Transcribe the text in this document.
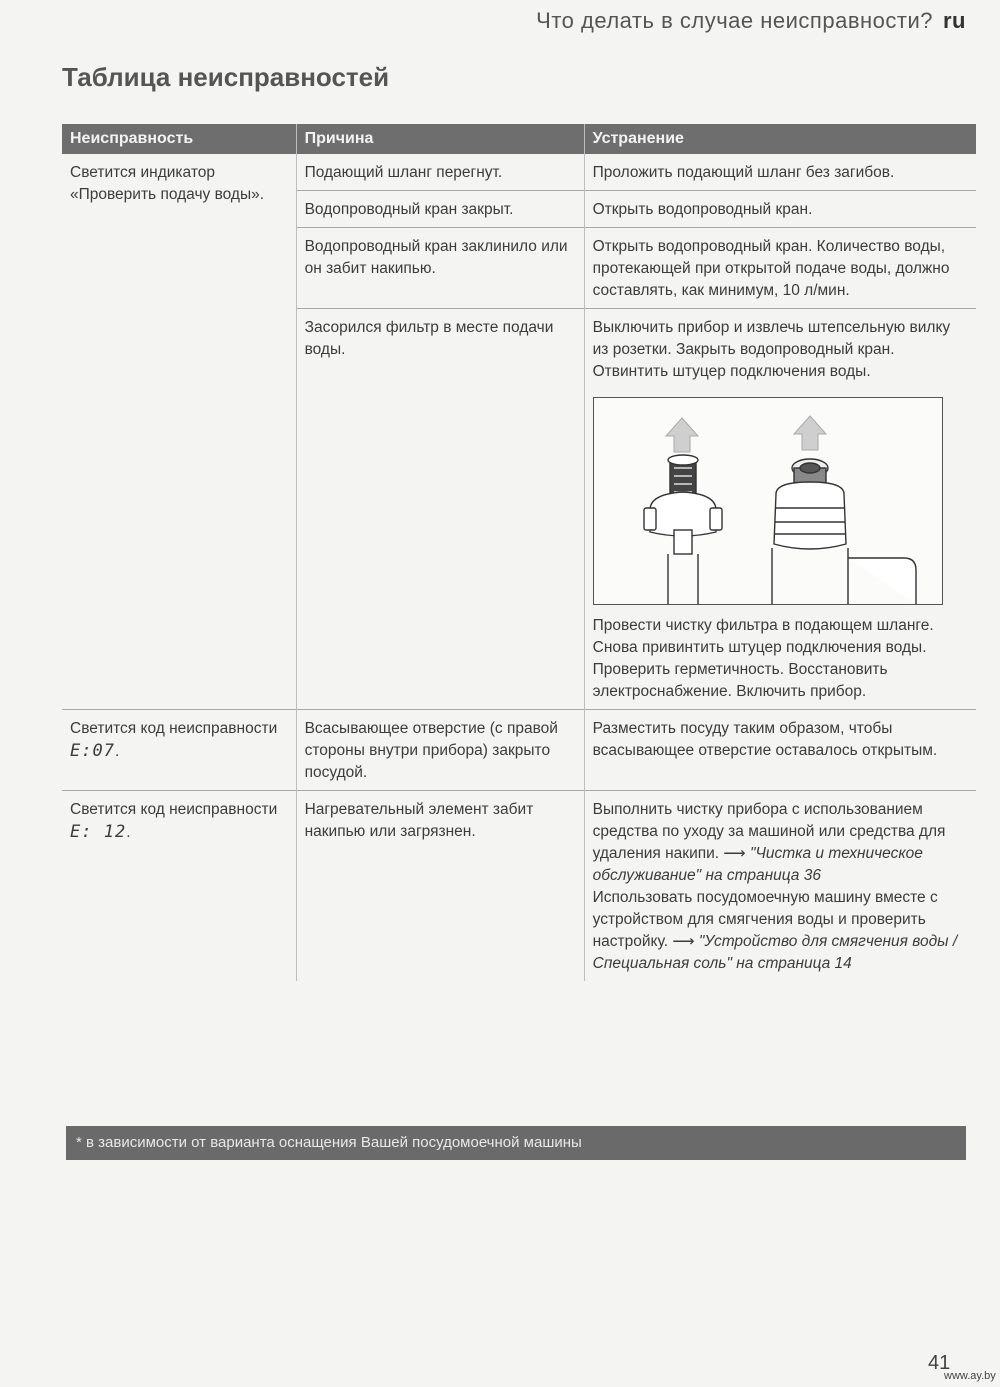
Что делать в случае неисправности? ru
Таблица неисправностей
Неисправность	Причина	Устранение
Светится индикатор «Проверить подачу воды».	Подающий шланг перегнут.	Проложить подающий шланг без загибов.
	Водопроводный кран закрыт.	Открыть водопроводный кран.
	Водопроводный кран заклинило или он забит накипью.	Открыть водопроводный кран. Количество воды, протекающей при открытой подаче воды, должно составлять, как минимум, 10 л/мин.
	Засорился фильтр в месте подачи воды.	Выключить прибор и извлечь штепсельную вилку из розетки. Закрыть водопроводный кран. Отвинтить штуцер подключения воды.
Провести чистку фильтра в подающем шланге. Снова привинтить штуцер подключения воды. Проверить герметичность. Восстановить электроснабжение. Включить прибор.

Светится код неисправности E:07.	Всасывающее отверстие (с правой стороны внутри прибора) закрыто посудой.	Разместить посуду таким образом, чтобы всасывающее отверстие оставалось открытым.
Светится код неисправности E: 12.	Нагревательный элемент забит накипью или загрязнен.	Выполнить чистку прибора с использованием средства по уходу за машиной или средства для удаления накипи. ⟶ "Чистка и техническое обслуживание" на страница 36
Использовать посудомоечную машину вместе с устройством для смягчения воды и проверить настройку. ⟶ "Устройство для смягчения воды / Специальная соль" на страница 14
* в зависимости от варианта оснащения Вашей посудомоечной машины
41
www.ay.by
